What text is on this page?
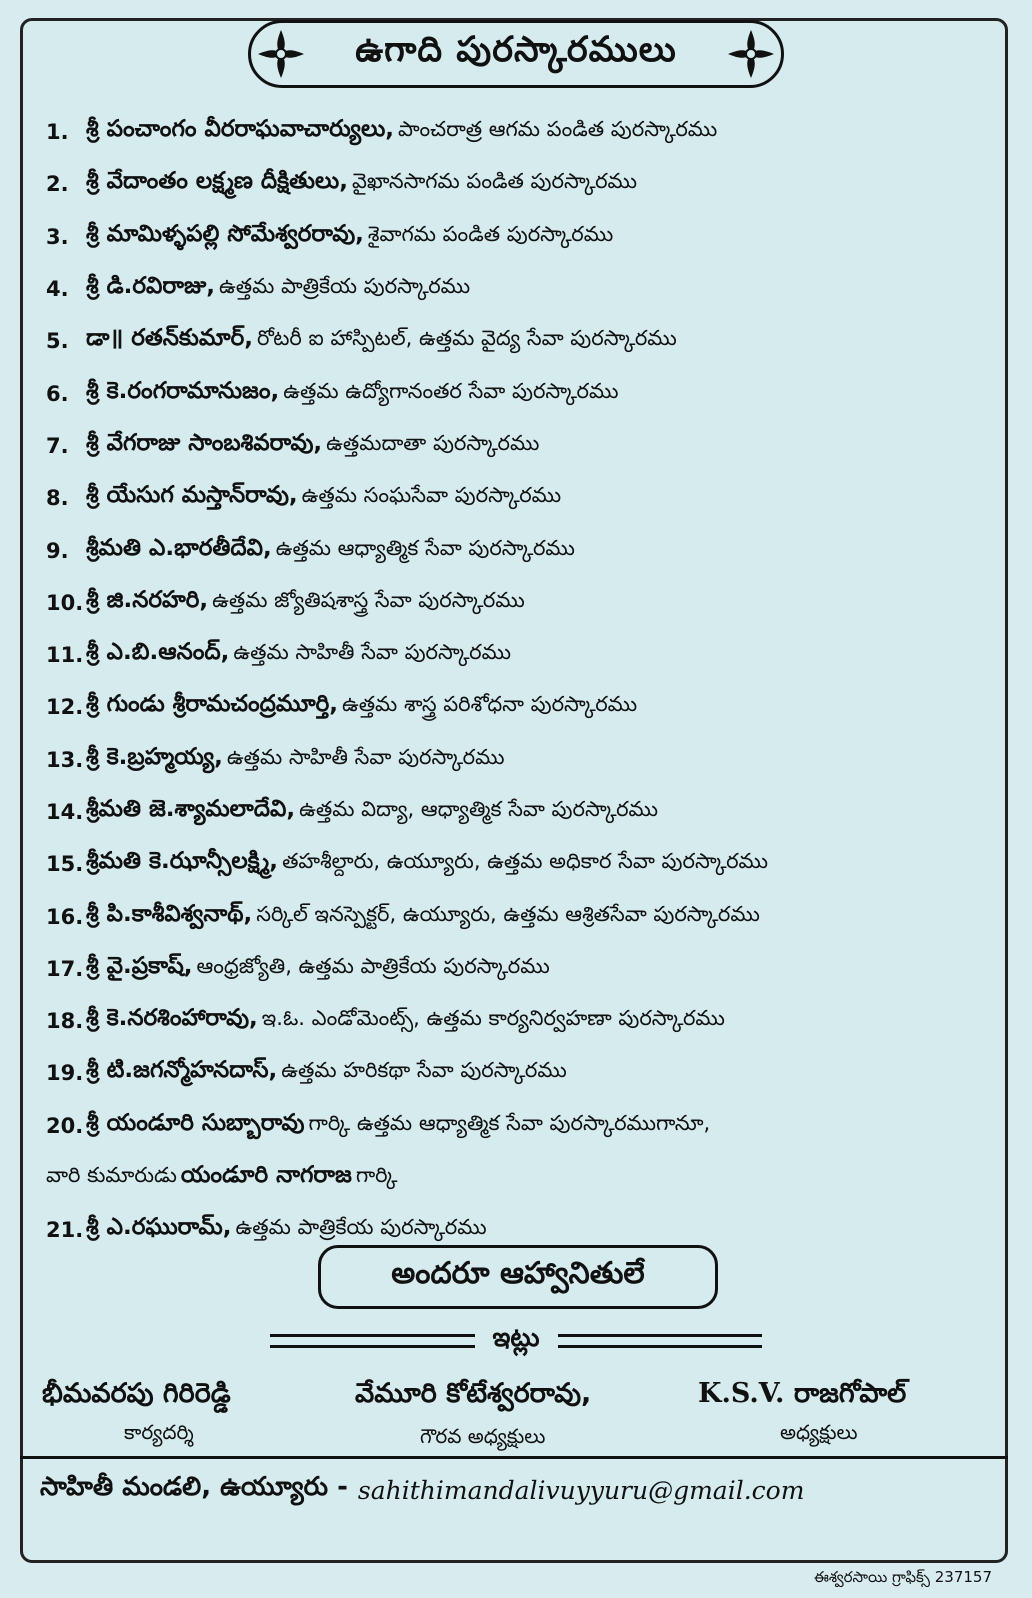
ఉగాది పురస్కారములు
1. శ్రీ పంచాంగం వీరరాఘవాచార్యులు, పాంచరాత్ర ఆగమ పండిత పురస్కారము
2. శ్రీ వేదాంతం లక్ష్మణ దీక్షితులు, వైఖానసాగమ పండిత పురస్కారము
3. శ్రీ మామిళ్ళపల్లి సోమేశ్వరరావు, శైవాగమ పండిత పురస్కారము
4. శ్రీ డి.రవిరాజు, ఉత్తమ పాత్రికేయ పురస్కారము
5. డా॥ రతన్‌కుమార్, రోటరీ ఐ హాస్పిటల్, ఉత్తమ వైద్య సేవా పురస్కారము
6. శ్రీ కె.రంగరామానుజం, ఉత్తమ ఉద్యోగానంతర సేవా పురస్కారము
7. శ్రీ వేగరాజు సాంబశివరావు, ఉత్తమదాతా పురస్కారము
8. శ్రీ యేసుగ మస్తాన్‌రావు, ఉత్తమ సంఘసేవా పురస్కారము
9. శ్రీమతి ఎ.భారతీదేవి, ఉత్తమ ఆధ్యాత్మిక సేవా పురస్కారము
10. శ్రీ జి.నరహరి, ఉత్తమ జ్యోతిషశాస్త్ర సేవా పురస్కారము
11. శ్రీ ఎ.బి.ఆనంద్, ఉత్తమ సాహితీ సేవా పురస్కారము
12. శ్రీ గుండు శ్రీరామచంద్రమూర్తి, ఉత్తమ శాస్త్ర పరిశోధనా పురస్కారము
13. శ్రీ కె.బ్రహ్మయ్య, ఉత్తమ సాహితీ సేవా పురస్కారము
14. శ్రీమతి జె.శ్యామలాదేవి, ఉత్తమ విద్యా, ఆధ్యాత్మిక సేవా పురస్కారము
15. శ్రీమతి కె.ఝాన్సీలక్ష్మి, తహశీల్దారు, ఉయ్యూరు, ఉత్తమ అధికార సేవా పురస్కారము
16. శ్రీ పి.కాశీవిశ్వనాథ్, సర్కిల్ ఇనస్పెక్టర్, ఉయ్యూరు, ఉత్తమ ఆశ్రితసేవా పురస్కారము
17. శ్రీ వై.ప్రకాష్, ఆంధ్రజ్యోతి, ఉత్తమ పాత్రికేయ పురస్కారము
18. శ్రీ కె.నరశింహారావు, ఇ.ఓ. ఎండోమెంట్స్, ఉత్తమ కార్యనిర్వహణా పురస్కారము
19. శ్రీ టి.జగన్మోహనదాస్, ఉత్తమ హరికథా సేవా పురస్కారము
20. శ్రీ యండూరి సుబ్బారావు గార్కి ఉత్తమ ఆధ్యాత్మిక సేవా పురస్కారముగానూ,
వారి కుమారుడు యండూరి నాగరాజ గార్కి
21. శ్రీ ఎ.రఘురామ్, ఉత్తమ పాత్రికేయ పురస్కారము
అందరూ ఆహ్వానితులే
ఇట్లు
భీమవరపు గిరిరెడ్డి
కార్యదర్శి
వేమూరి కోటేశ్వరరావు,
గౌరవ అధ్యక్షులు
K.S.V. రాజగోపాల్
అధ్యక్షులు
సాహితీ మండలి, ఉయ్యూరు - sahithimandalivuyyuru@gmail.com
ఈశ్వరసాయి గ్రాఫిక్స్ 237157
